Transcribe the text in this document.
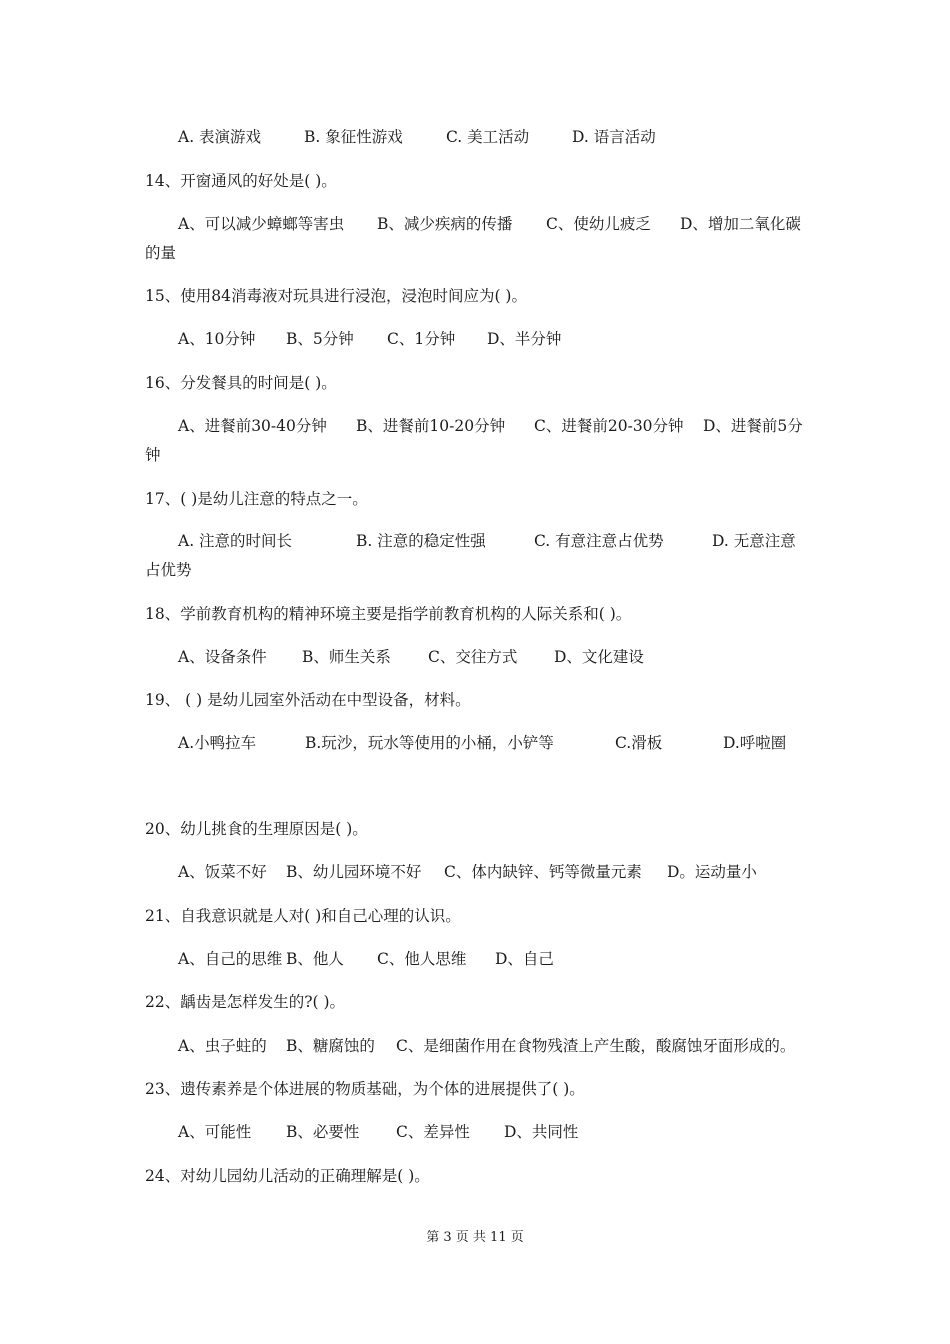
A. 表演游戏	B. 象征性游戏	C. 美工活动	D. 语言活动
14、开窗通风的好处是( )。
A、可以减少蟑螂等害虫 B、减少疾病的传播 C、使幼儿疲乏 D、增加二氧化碳
的量
15、使用84消毒液对玩具进行浸泡，浸泡时间应为( )。
A、10分钟 B、5分钟 C、1分钟 D、半分钟
16、分发餐具的时间是( )。
A、进餐前30-40分钟 B、进餐前10-20分钟 C、进餐前20-30分钟 D、进餐前5分
钟
17、( )是幼儿注意的特点之一。
A. 注意的时间长	B. 注意的稳定性强	C. 有意注意占优势	D. 无意注意
占优势
18、学前教育机构的精神环境主要是指学前教育机构的人际关系和( )。
A、设备条件 B、师生关系 C、交往方式 D、文化建设
19、 ( ) 是幼儿园室外活动在中型设备，材料。
A.小鸭拉车	B.玩沙，玩水等使用的小桶，小铲等	C.滑板	D.呼啦圈
20、幼儿挑食的生理原因是( )。
A、饭菜不好 B、幼儿园环境不好 C、体内缺锌、钙等微量元素 D。运动量小
21、自我意识就是人对( )和自己心理的认识。
A、自己的思维 B、他人 C、他人思维 D、自己
22、龋齿是怎样发生的?( )。
A、虫子蛀的 B、糖腐蚀的 C、是细菌作用在食物残渣上产生酸，酸腐蚀牙面形成的。
23、遗传素养是个体进展的物质基础，为个体的进展提供了( )。
A、可能性 B、必要性 C、差异性 D、共同性
24、对幼儿园幼儿活动的正确理解是( )。
第 3 页 共 11 页
